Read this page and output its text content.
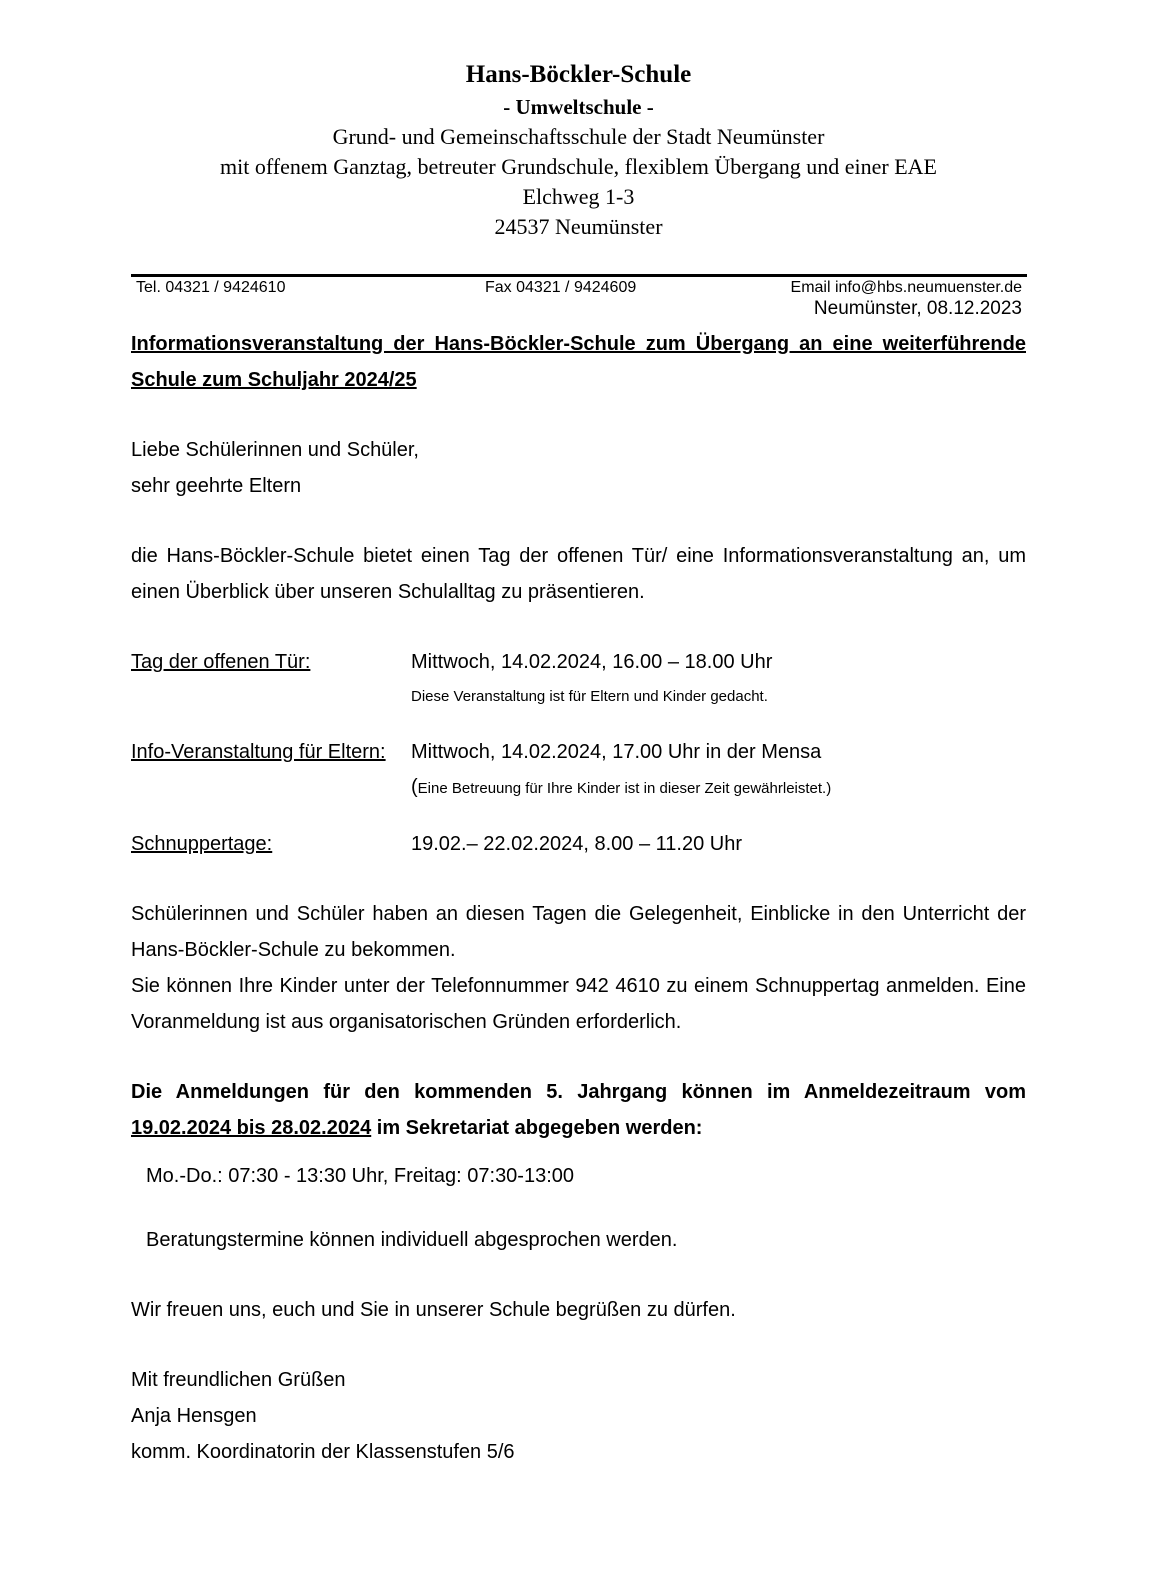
Hans-Böckler-Schule
- Umweltschule -
Grund- und Gemeinschaftsschule der Stadt Neumünster
mit offenem Ganztag, betreuter Grundschule, flexiblem Übergang und einer EAE
Elchweg 1-3
24537 Neumünster
Tel. 04321 / 9424610	Fax 04321 / 9424609	Email info@hbs.neumuenster.de
Neumünster, 08.12.2023
Informationsveranstaltung der Hans-Böckler-Schule zum Übergang an eine weiterführende Schule zum Schuljahr 2024/25
Liebe Schülerinnen und Schüler,
sehr geehrte Eltern
die Hans-Böckler-Schule bietet einen Tag der offenen Tür/ eine Informationsveranstaltung an, um einen Überblick über unseren Schulalltag zu präsentieren.
Tag der offenen Tür:	Mittwoch, 14.02.2024, 16.00 – 18.00 Uhr
Diese Veranstaltung ist für Eltern und Kinder gedacht.
Info-Veranstaltung für Eltern:	Mittwoch, 14.02.2024, 17.00 Uhr in der Mensa
(Eine Betreuung für Ihre Kinder ist in dieser Zeit gewährleistet.)
Schnuppertage:	19.02.– 22.02.2024, 8.00 – 11.20 Uhr
Schülerinnen und Schüler haben an diesen Tagen die Gelegenheit, Einblicke in den Unterricht der Hans-Böckler-Schule zu bekommen.
Sie können Ihre Kinder unter der Telefonnummer 942 4610 zu einem Schnuppertag anmelden. Eine Voranmeldung ist aus organisatorischen Gründen erforderlich.
Die Anmeldungen für den kommenden 5. Jahrgang können im Anmeldezeitraum vom 19.02.2024 bis 28.02.2024 im Sekretariat abgegeben werden:
Mo.-Do.: 07:30 - 13:30 Uhr, Freitag: 07:30-13:00
Beratungstermine können individuell abgesprochen werden.
Wir freuen uns, euch und Sie in unserer Schule begrüßen zu dürfen.
Mit freundlichen Grüßen
Anja Hensgen
komm. Koordinatorin der Klassenstufen 5/6
